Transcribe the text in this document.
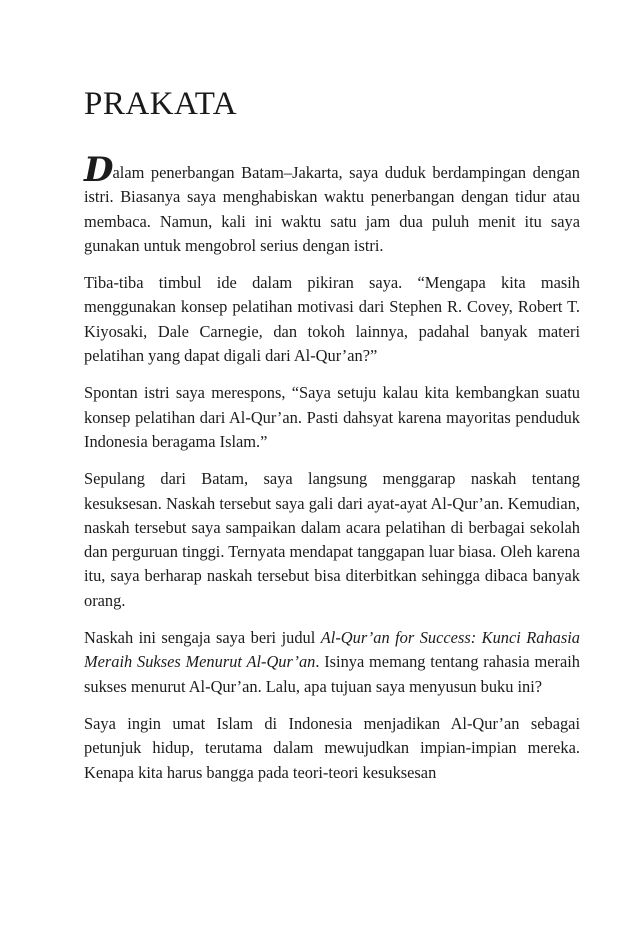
PRAKATA

Dalam penerbangan Batam–Jakarta, saya duduk berdampingan dengan istri. Biasanya saya menghabiskan waktu penerbangan dengan tidur atau membaca. Namun, kali ini waktu satu jam dua puluh menit itu saya gunakan untuk mengobrol serius dengan istri.

Tiba-tiba timbul ide dalam pikiran saya. “Mengapa kita masih menggunakan konsep pelatihan motivasi dari Stephen R. Covey, Robert T. Kiyosaki, Dale Carnegie, dan tokoh lainnya, padahal banyak materi pelatihan yang dapat digali dari Al-Qur’an?”

Spontan istri saya merespons, “Saya setuju kalau kita kembangkan suatu konsep pelatihan dari Al-Qur’an. Pasti dahsyat karena mayoritas penduduk Indonesia beragama Islam.”

Sepulang dari Batam, saya langsung menggarap naskah tentang kesuksesan. Naskah tersebut saya gali dari ayat-ayat Al-Qur’an. Kemudian, naskah tersebut saya sampaikan dalam acara pelatihan di berbagai sekolah dan perguruan tinggi. Ternyata mendapat tanggapan luar biasa. Oleh karena itu, saya berharap naskah tersebut bisa diterbitkan sehingga dibaca banyak orang.

Naskah ini sengaja saya beri judul Al-Qur’an for Success: Kunci Rahasia Meraih Sukses Menurut Al-Qur’an. Isinya memang tentang rahasia meraih sukses menurut Al-Qur’an. Lalu, apa tujuan saya menyusun buku ini?

Saya ingin umat Islam di Indonesia menjadikan Al-Qur’an sebagai petunjuk hidup, terutama dalam mewujudkan impian-impian mereka. Kenapa kita harus bangga pada teori-teori kesuksesan
